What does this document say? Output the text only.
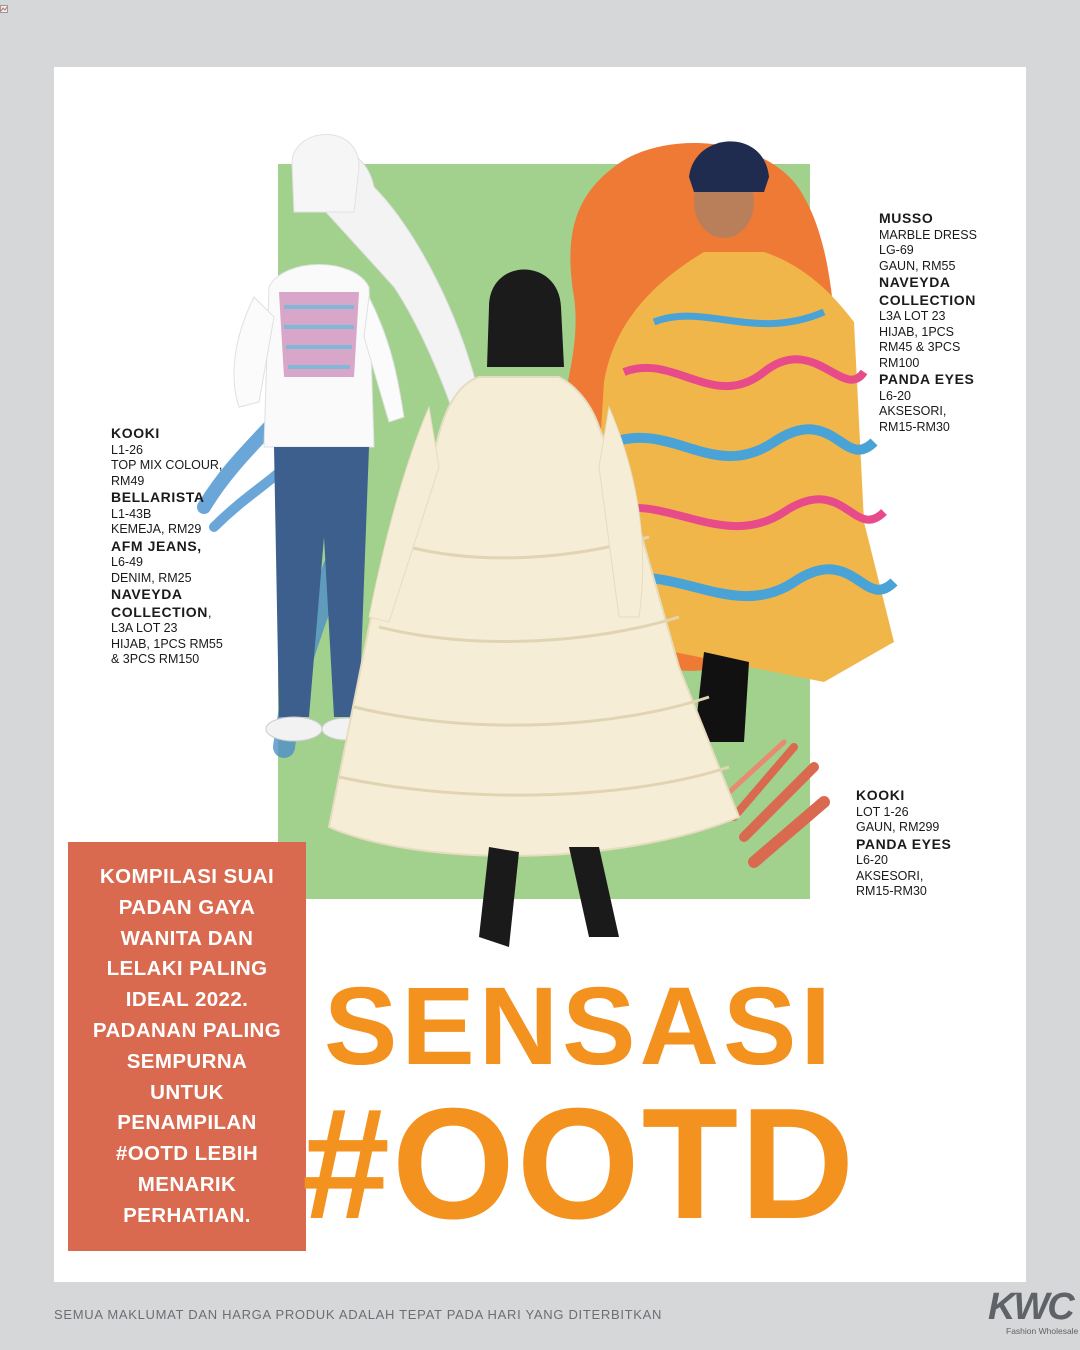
KOOKI
L1-26
TOP MIX COLOUR,
RM49
BELLARISTA
L1-43B
KEMEJA, RM29
AFM JEANS,
L6-49
DENIM, RM25
NAVEYDA
COLLECTION,
L3A LOT 23
HIJAB, 1PCS RM55
& 3PCS RM150
MUSSO
MARBLE DRESS
LG-69
GAUN, RM55
NAVEYDA
COLLECTION
L3A LOT 23
HIJAB, 1PCS
RM45 & 3PCS
RM100
PANDA EYES
L6-20
AKSESORI,
RM15-RM30
KOOKI
LOT 1-26
GAUN, RM299
PANDA EYES
L6-20
AKSESORI,
RM15-RM30
KOMPILASI SUAI
PADAN GAYA
WANITA DAN
LELAKI PALING
IDEAL 2022.
PADANAN PALING
SEMPURNA
UNTUK
PENAMPILAN
#OOTD LEBIH
MENARIK
PERHATIAN.
SENSASI
#OOTD
SEMUA MAKLUMAT DAN HARGA PRODUK ADALAH TEPAT PADA HARI YANG DITERBITKAN	KWC
Fashion Wholesale
